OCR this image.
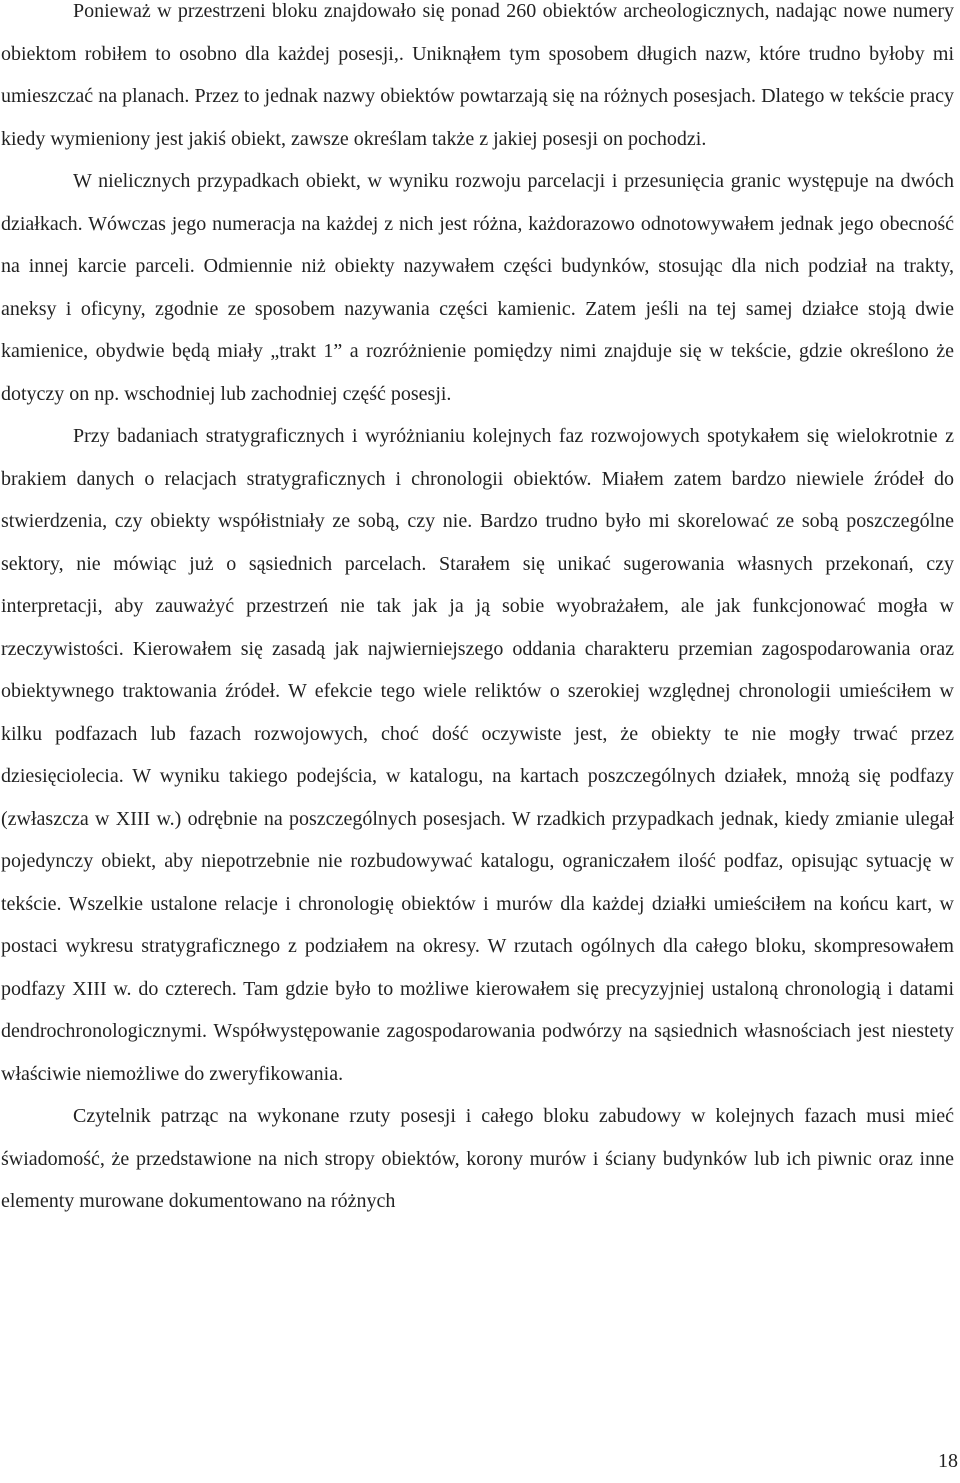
Ponieważ w przestrzeni bloku znajdowało się ponad 260 obiektów archeologicznych, nadając nowe numery obiektom robiłem to osobno dla każdej posesji,. Uniknąłem tym sposobem długich nazw, które trudno byłoby mi umieszczać na planach. Przez to jednak nazwy obiektów powtarzają się na różnych posesjach. Dlatego w tekście pracy kiedy wymieniony jest jakiś obiekt, zawsze określam także z jakiej posesji on pochodzi.

W nielicznych przypadkach obiekt, w wyniku rozwoju parcelacji i przesunięcia granic występuje na dwóch działkach. Wówczas jego numeracja na każdej z nich jest różna, każdorazowo odnotowywałem jednak jego obecność na innej karcie parceli. Odmiennie niż obiekty nazywałem części budynków, stosując dla nich podział na trakty, aneksy i oficyny, zgodnie ze sposobem nazywania części kamienic. Zatem jeśli na tej samej działce stoją dwie kamienice, obydwie będą miały „trakt 1” a rozróżnienie pomiędzy nimi znajduje się w tekście, gdzie określono że dotyczy on np. wschodniej lub zachodniej część posesji.

Przy badaniach stratygraficznych i wyróżnianiu kolejnych faz rozwojowych spotykałem się wielokrotnie z brakiem danych o relacjach stratygraficznych i chronologii obiektów. Miałem zatem bardzo niewiele źródeł do stwierdzenia, czy obiekty współistniały ze sobą, czy nie. Bardzo trudno było mi skorelować ze sobą poszczególne sektory, nie mówiąc już o sąsiednich parcelach. Starałem się unikać sugerowania własnych przekonań, czy interpretacji, aby zauważyć przestrzeń nie tak jak ja ją sobie wyobrażałem, ale jak funkcjonować mogła w rzeczywistości. Kierowałem się zasadą jak najwierniejszego oddania charakteru przemian zagospodarowania oraz obiektywnego traktowania źródeł. W efekcie tego wiele reliktów o szerokiej względnej chronologii umieściłem w kilku podfazach lub fazach rozwojowych, choć dość oczywiste jest, że obiekty te nie mogły trwać przez dziesięciolecia. W wyniku takiego podejścia, w katalogu, na kartach poszczególnych działek, mnożą się podfazy (zwłaszcza w XIII w.) odrębnie na poszczególnych posesjach. W rzadkich przypadkach jednak, kiedy zmianie ulegał pojedynczy obiekt, aby niepotrzebnie nie rozbudowywać katalogu, ograniczałem ilość podfaz, opisując sytuację w tekście. Wszelkie ustalone relacje i chronologię obiektów i murów dla każdej działki umieściłem na końcu kart, w postaci wykresu stratygraficznego z podziałem na okresy. W rzutach ogólnych dla całego bloku, skompresowałem podfazy XIII w. do czterech. Tam gdzie było to możliwe kierowałem się precyzyjniej ustaloną chronologią i datami dendrochronologicznymi. Współwystępowanie zagospodarowania podwórzy na sąsiednich własnościach jest niestety właściwie niemożliwe do zweryfikowania.

Czytelnik patrząc na wykonane rzuty posesji i całego bloku zabudowy w kolejnych fazach musi mieć świadomość, że przedstawione na nich stropy obiektów, korony murów i ściany budynków lub ich piwnic oraz inne elementy murowane dokumentowano na różnych

18
